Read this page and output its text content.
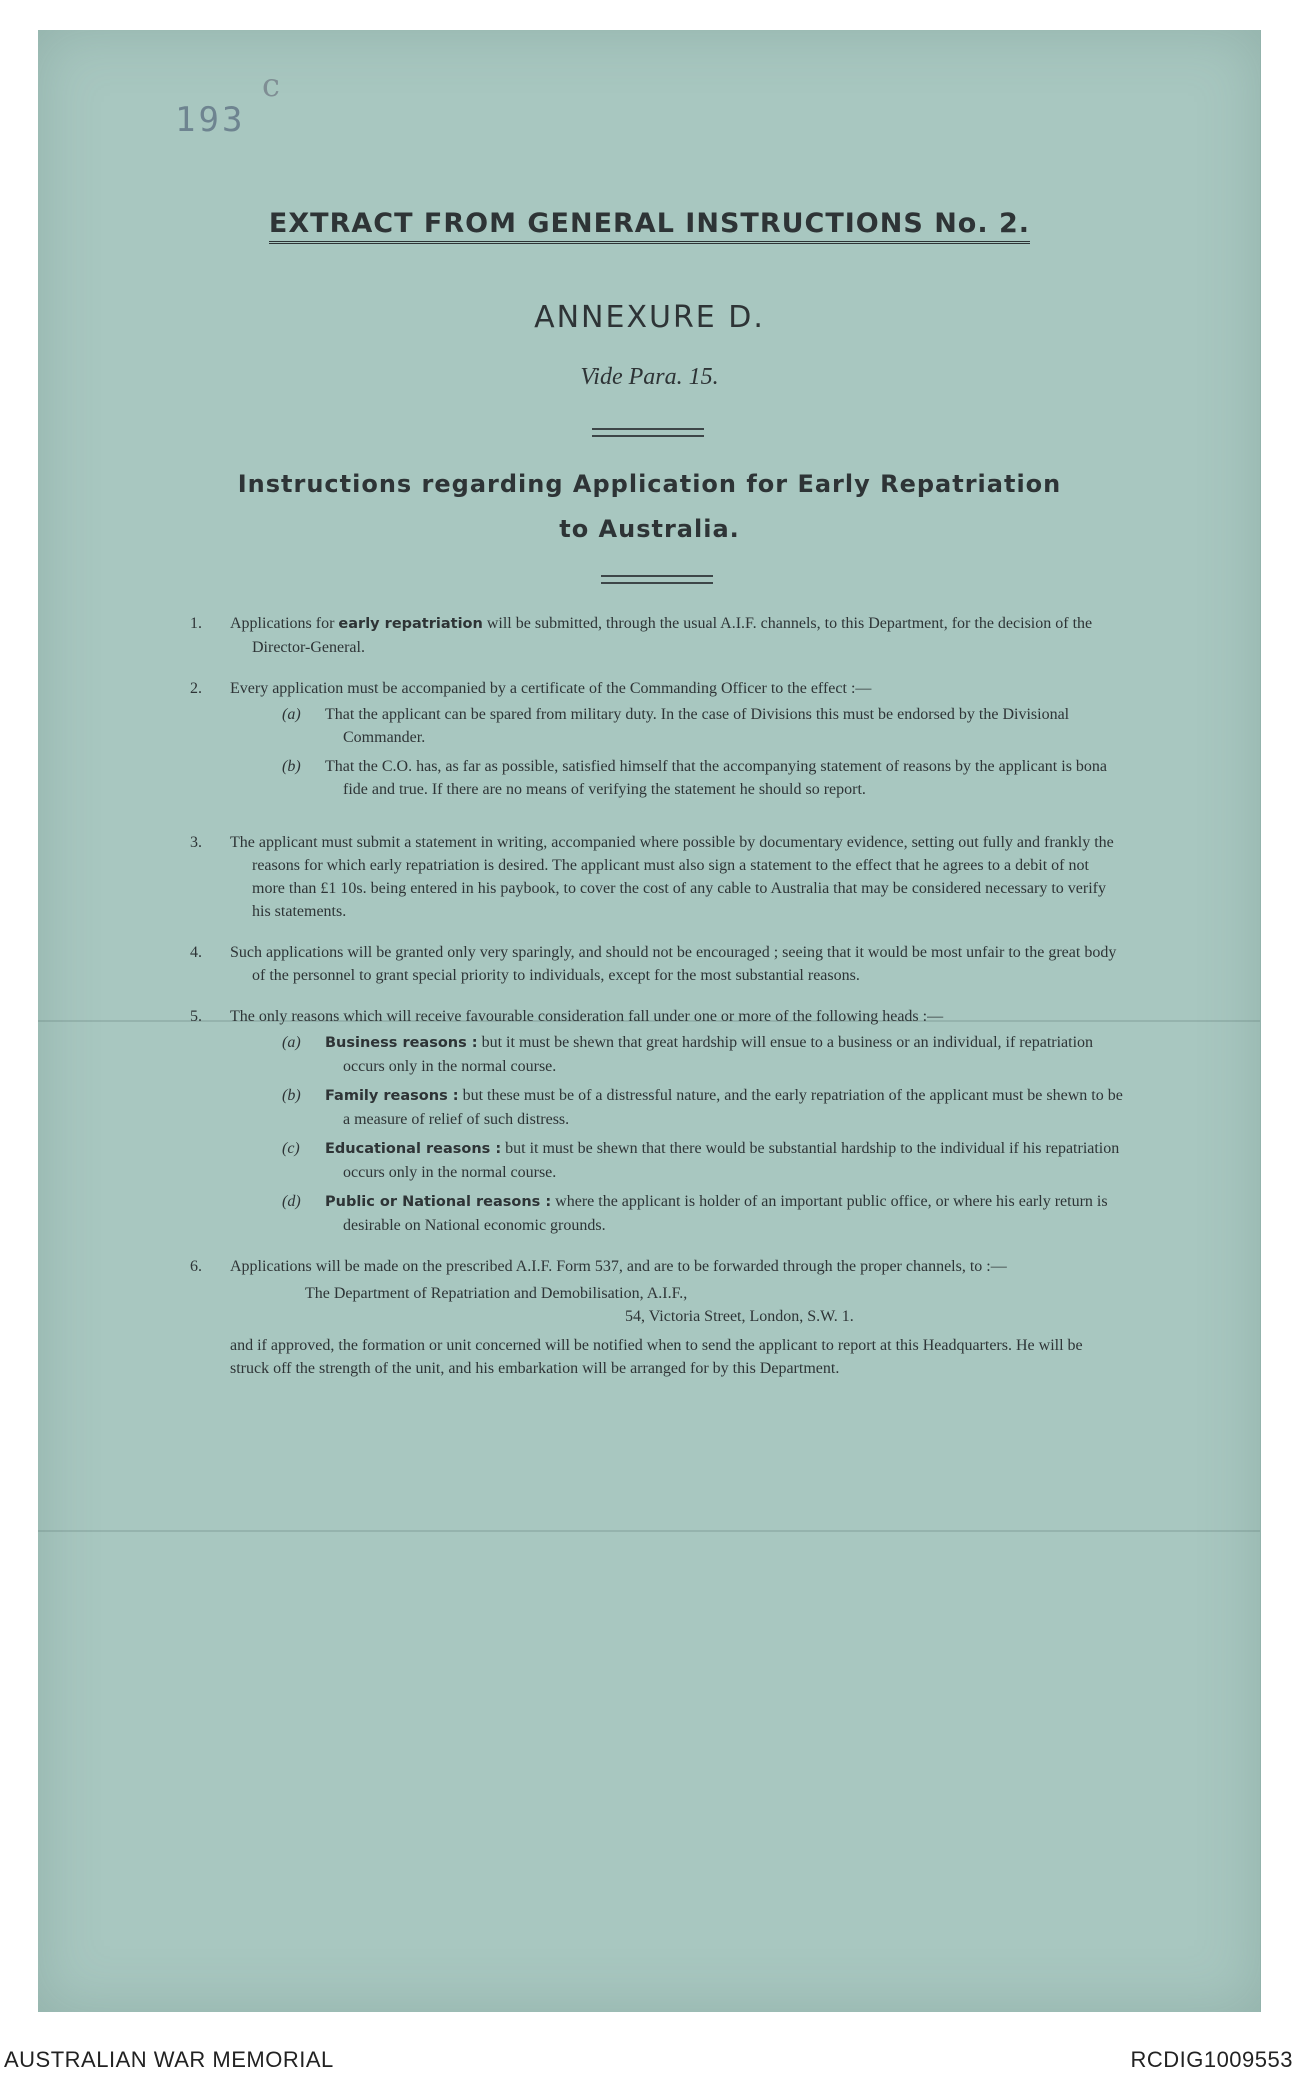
193
c
EXTRACT FROM GENERAL INSTRUCTIONS No. 2.
ANNEXURE D.
Vide Para. 15.
Instructions regarding Application for Early Repatriation
to Australia.
1. Applications for early repatriation will be submitted, through the usual A.I.F. channels, to this Department, for the decision of the Director-General.
2. Every application must be accompanied by a certificate of the Commanding Officer to the effect :—
(a) That the applicant can be spared from military duty. In the case of Divisions this must be endorsed by the Divisional Commander.
(b) That the C.O. has, as far as possible, satisfied himself that the accompanying statement of reasons by the applicant is bona fide and true. If there are no means of verifying the statement he should so report.
3. The applicant must submit a statement in writing, accompanied where possible by documentary evidence, setting out fully and frankly the reasons for which early repatriation is desired. The applicant must also sign a statement to the effect that he agrees to a debit of not more than £1 10s. being entered in his paybook, to cover the cost of any cable to Australia that may be considered necessary to verify his statements.
4. Such applications will be granted only very sparingly, and should not be encouraged ; seeing that it would be most unfair to the great body of the personnel to grant special priority to individuals, except for the most substantial reasons.
5. The only reasons which will receive favourable consideration fall under one or more of the following heads :—
(a) Business reasons : but it must be shewn that great hardship will ensue to a business or an individual, if repatriation occurs only in the normal course.
(b) Family reasons : but these must be of a distressful nature, and the early repatriation of the applicant must be shewn to be a measure of relief of such distress.
(c) Educational reasons : but it must be shewn that there would be substantial hardship to the individual if his repatriation occurs only in the normal course.
(d) Public or National reasons : where the applicant is holder of an important public office, or where his early return is desirable on National economic grounds.
6. Applications will be made on the prescribed A.I.F. Form 537, and are to be forwarded through the proper channels, to :—
The Department of Repatriation and Demobilisation, A.I.F.,
54, Victoria Street, London, S.W. 1.
and if approved, the formation or unit concerned will be notified when to send the applicant to report at this Headquarters. He will be struck off the strength of the unit, and his embarkation will be arranged for by this Department.
AUSTRALIAN WAR MEMORIAL	RCDIG1009553
